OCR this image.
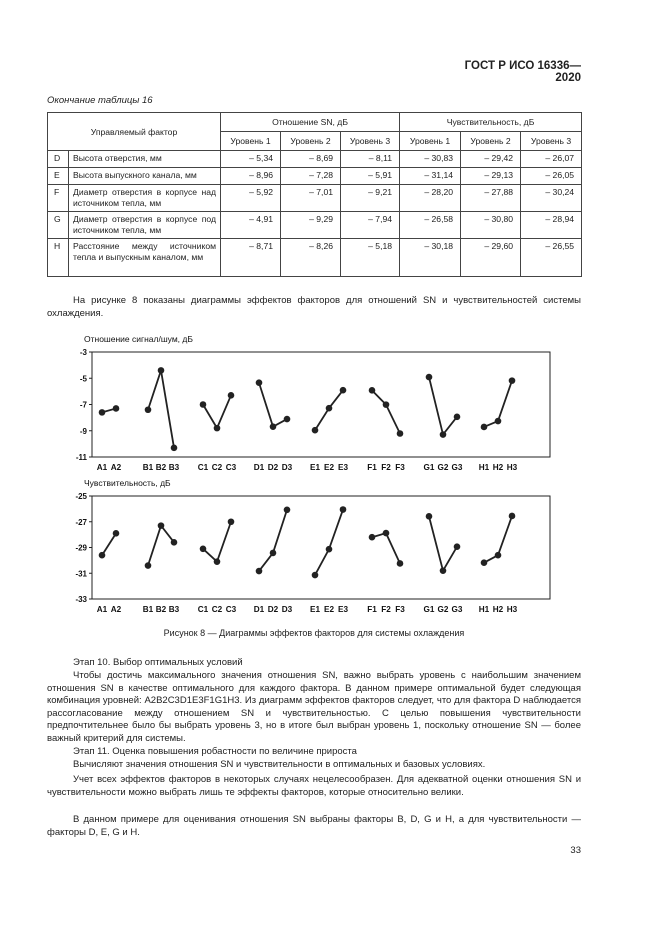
ГОСТ Р ИСО 16336—2020
Окончание таблицы 16
Управляемый фактор		Отношение SN, дБ			Чувствительность, дБ		
		Уровень 1	Уровень 2	Уровень 3	Уровень 1	Уровень 2	Уровень 3
D	Высота отверстия, мм	– 5,34	– 8,69	– 8,11	– 30,83	– 29,42	– 26,07
E	Высота выпускного канала, мм	– 8,96	– 7,28	– 5,91	– 31,14	– 29,13	– 26,05
F	Диаметр отверстия в корпусе над источником тепла, мм	– 5,92	– 7,01	– 9,21	– 28,20	– 27,88	– 30,24
G	Диаметр отверстия в корпусе под источником тепла, мм	– 4,91	– 9,29	– 7,94	– 26,58	– 30,80	– 28,94
H	Расстояние между источником тепла и выпускным каналом, мм	– 8,71	– 8,26	– 5,18	– 30,18	– 29,60	– 26,55
На рисунке 8 показаны диаграммы эффектов факторов для отношений SN и чувствительностей системы охлаждения.
Отношение сигнал/шум, дБ
-3
-5
-7
-9
-11
A1 A2	B1 B2 B3 C1 C2 C3 D1 D2 D3 E1 E2 E3 F1 F2 F3 G1 G2 G3 H1 H2 H3
Чувствительность, дБ
-25
-27
-29
-31
-33
A1 A2	B1 B2 B3 C1 C2 C3 D1 D2 D3 E1 E2 E3 F1 F2 F3 G1 G2 G3 H1 H2 H3
Рисунок 8 — Диаграммы эффектов факторов для системы охлаждения
Этап 10. Выбор оптимальных условий
Чтобы достичь максимального значения отношения SN, важно выбрать уровень с наибольшим значением отношения SN в качестве оптимального для каждого фактора. В данном примере оптимальной будет следующая комбинация уровней: A2B2C3D1E3F1G1H3. Из диаграмм эффектов факторов следует, что для фактора D наблюдается рассогласование между отношением SN и чувствительностью. С целью повышения чувствительности предпочтительнее было бы выбрать уровень 3, но в итоге был выбран уровень 1, поскольку отношение SN — более важный критерий для системы.
Этап 11. Оценка повышения робастности по величине прироста
Вычисляют значения отношения SN и чувствительности в оптимальных и базовых условиях.
Учет всех эффектов факторов в некоторых случаях нецелесообразен. Для адекватной оценки отношения SN и чувствительности можно выбрать лишь те эффекты факторов, которые относительно велики.
В данном примере для оценивания отношения SN выбраны факторы B, D, G и H, а для чувствительности — факторы D, E, G и H.
33
